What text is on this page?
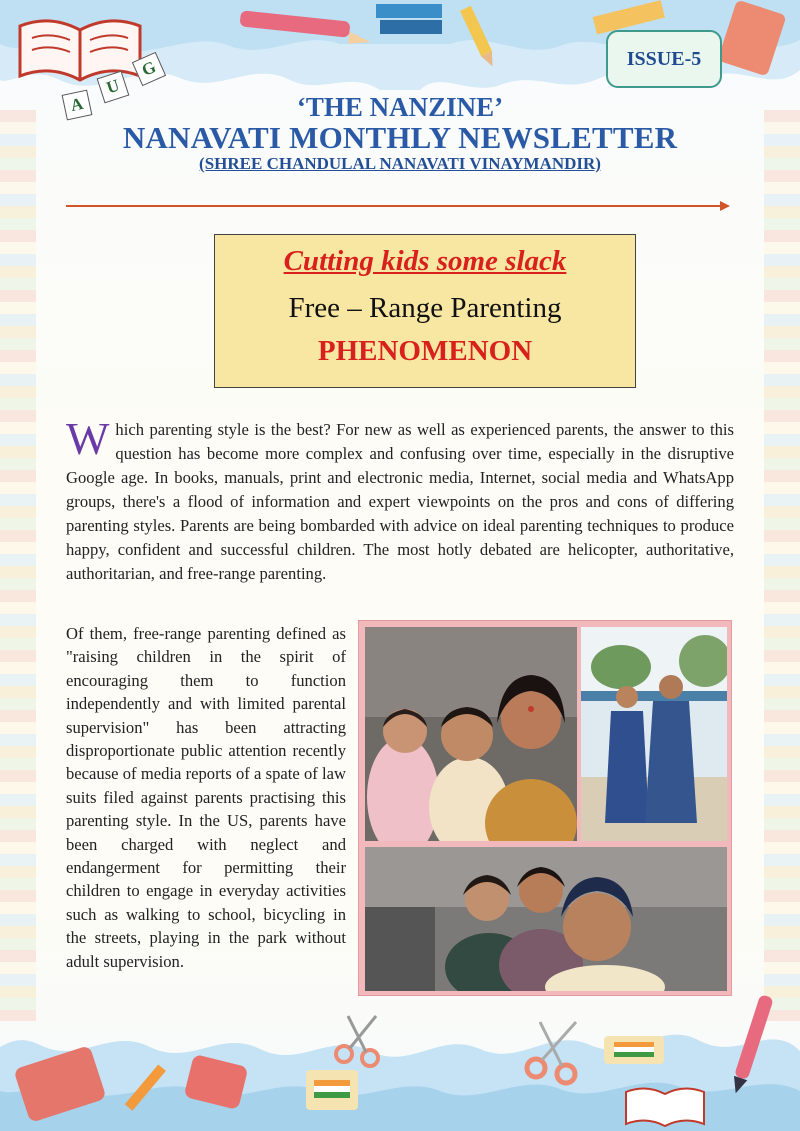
ISSUE-5
A
U
G
‘THE NANZINE’
NANAVATI MONTHLY NEWSLETTER
(SHREE CHANDULAL NANAVATI VINAYMANDIR)
Cutting kids some slack
Free – Range Parenting
PHENOMENON
Which parenting style is the best? For new as well as experienced parents, the answer to this question has become more complex and confusing over time, especially in the disruptive Google age. In books, manuals, print and electronic media, Internet, social media and WhatsApp groups, there's a flood of information and expert viewpoints on the pros and cons of differing parenting styles. Parents are being bombarded with advice on ideal parenting techniques to produce happy, confident and successful children. The most hotly debated are helicopter, authoritative, authoritarian, and free-range parenting.
Of them, free-range parenting defined as "raising children in the spirit of encouraging them to function independently and with limited parental supervision" has been attracting disproportionate public attention recently because of media reports of a spate of law suits filed against parents practising this parenting style. In the US, parents have been charged with neglect and endangerment for permitting their children to engage in everyday activities such as walking to school, bicycling in the streets, playing in the park without adult supervision.
